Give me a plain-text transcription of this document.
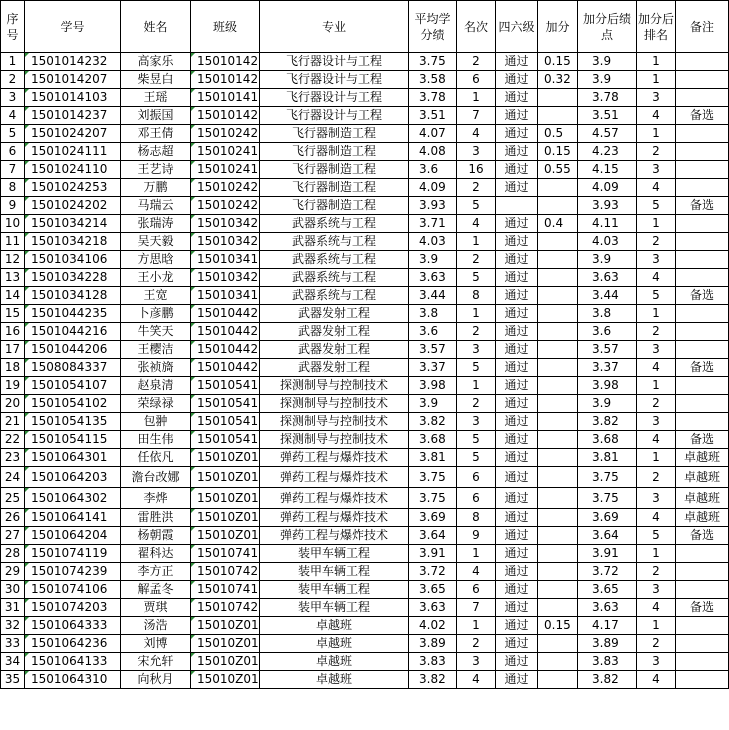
序号	学号	姓名	班级	专业	平均学分绩	名次	四六级	加分	加分后绩点	加分后排名	备注
1	1501014232	高家乐	15010142	飞行器设计与工程	3.75	2	通过	0.15	3.9	1	
2	1501014207	柴昱白	15010142	飞行器设计与工程	3.58	6	通过	0.32	3.9	1	
3	1501014103	王瑶	15010141	飞行器设计与工程	3.78	1	通过		3.78	3	
4	1501014237	刘振国	15010142	飞行器设计与工程	3.51	7	通过		3.51	4	备选
5	1501024207	邓王倩	15010242	飞行器制造工程	4.07	4	通过	0.5	4.57	1	
6	1501024111	杨志超	15010241	飞行器制造工程	4.08	3	通过	0.15	4.23	2	
7	1501024110	王艺诗	15010241	飞行器制造工程	3.6	16	通过	0.55	4.15	3	
8	1501024253	万鹏	15010242	飞行器制造工程	4.09	2	通过		4.09	4	
9	1501024202	马瑞云	15010242	飞行器制造工程	3.93	5			3.93	5	备选
10	1501034214	张瑞涛	15010342	武器系统与工程	3.71	4	通过	0.4	4.11	1	
11	1501034218	吴天毅	15010342	武器系统与工程	4.03	1	通过		4.03	2	
12	1501034106	方思晗	15010341	武器系统与工程	3.9	2	通过		3.9	3	
13	1501034228	王小龙	15010342	武器系统与工程	3.63	5	通过		3.63	4	
14	1501034128	王宽	15010341	武器系统与工程	3.44	8	通过		3.44	5	备选
15	1501044235	卜彦鹏	15010442	武器发射工程	3.8	1	通过		3.8	1	
16	1501044216	牛笑天	15010442	武器发射工程	3.6	2	通过		3.6	2	
17	1501044206	王樱洁	15010442	武器发射工程	3.57	3	通过		3.57	3	
18	1508084337	张祯旖	15010442	武器发射工程	3.37	5	通过		3.37	4	备选
19	1501054107	赵泉清	15010541	探测制导与控制技术	3.98	1	通过		3.98	1	
20	1501054102	荣绿禄	15010541	探测制导与控制技术	3.9	2	通过		3.9	2	
21	1501054135	包翀	15010541	探测制导与控制技术	3.82	3	通过		3.82	3	
22	1501054115	田生伟	15010541	探测制导与控制技术	3.68	5	通过		3.68	4	备选
23	1501064301	任依凡	15010Z01	弹药工程与爆炸技术	3.81	5	通过		3.81	1	卓越班
24	1501064203	澹台改娜	15010Z01	弹药工程与爆炸技术	3.75	6	通过		3.75	2	卓越班
25	1501064302	李烨	15010Z01	弹药工程与爆炸技术	3.75	6	通过		3.75	3	卓越班
26	1501064141	雷胜洪	15010Z01	弹药工程与爆炸技术	3.69	8	通过		3.69	4	卓越班
27	1501064204	杨朝霞	15010Z01	弹药工程与爆炸技术	3.64	9	通过		3.64	5	备选
28	1501074119	翟科达	15010741	装甲车辆工程	3.91	1	通过		3.91	1	
29	1501074239	李方正	15010742	装甲车辆工程	3.72	4	通过		3.72	2	
30	1501074106	解孟冬	15010741	装甲车辆工程	3.65	6	通过		3.65	3	
31	1501074203	贾琪	15010742	装甲车辆工程	3.63	7	通过		3.63	4	备选
32	1501064333	汤浩	15010Z01	卓越班	4.02	1	通过	0.15	4.17	1	
33	1501064236	刘博	15010Z01	卓越班	3.89	2	通过		3.89	2	
34	1501064133	宋允轩	15010Z01	卓越班	3.83	3	通过		3.83	3	
35	1501064310	向秋月	15010Z01	卓越班	3.82	4	通过		3.82	4	
